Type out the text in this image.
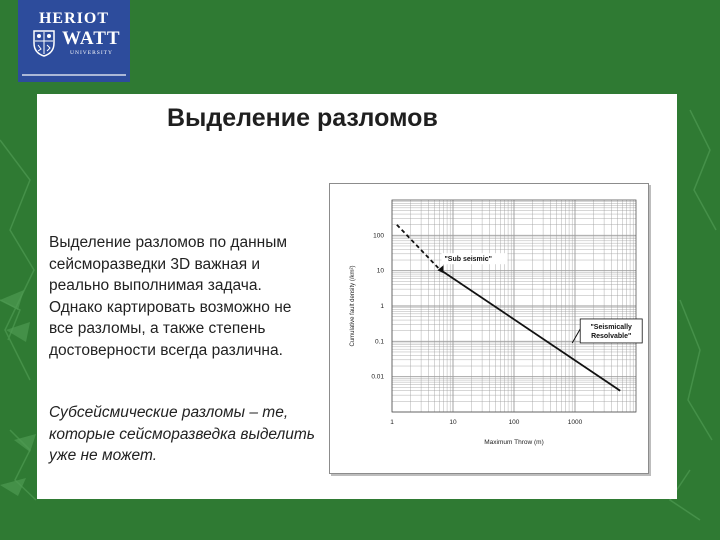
HERIOT
WATT
UNIVERSITY
Выделение разломов

Выделение разломов по данным сейсморазведки 3D важная и реально выполнимая задача. Однако картировать возможно не все разломы, а также степень достоверности всегда различна.

Субсейсмические разломы – те, которые сейсморазведка выделить уже не может.

1	10	100	1000
100
10
1
0.1
0.01
Maximum Throw (m)
Cumulative fault density (/km²)
"Sub seismic"
"Seismically
Resolvable"
